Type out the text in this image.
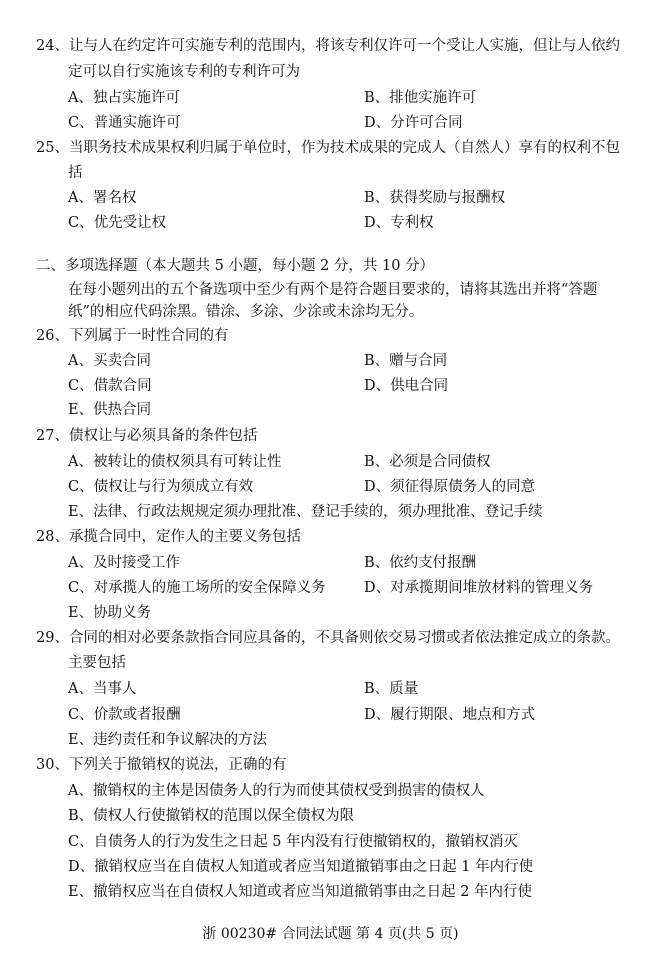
24、让与人在约定许可实施专利的范围内，将该专利仅许可一个受让人实施，但让与人依约
定可以自行实施该专利的专利许可为
A、独占实施许可	B、排他实施许可
C、普通实施许可	D、分许可合同
25、当职务技术成果权利归属于单位时，作为技术成果的完成人（自然人）享有的权利不包
括
A、署名权	B、获得奖励与报酬权
C、优先受让权	D、专利权
二、多项选择题（本大题共 5 小题，每小题 2 分，共 10 分）
在每小题列出的五个备选项中至少有两个是符合题目要求的，请将其选出并将“答题
纸”的相应代码涂黑。错涂、多涂、少涂或未涂均无分。
26、下列属于一时性合同的有
A、买卖合同	B、赠与合同
C、借款合同	D、供电合同
E、供热合同
27、债权让与必须具备的条件包括
A、被转让的债权须具有可转让性	B、必须是合同债权
C、债权让与行为须成立有效	D、须征得原债务人的同意
E、法律、行政法规规定须办理批准、登记手续的，须办理批准、登记手续
28、承揽合同中，定作人的主要义务包括
A、及时接受工作	B、依约支付报酬
C、对承揽人的施工场所的安全保障义务	D、对承揽期间堆放材料的管理义务
E、协助义务
29、合同的相对必要条款指合同应具备的，不具备则依交易习惯或者依法推定成立的条款。
主要包括
A、当事人	B、质量
C、价款或者报酬	D、履行期限、地点和方式
E、违约责任和争议解决的方法
30、下列关于撤销权的说法，正确的有
A、撤销权的主体是因债务人的行为而使其债权受到损害的债权人
B、债权人行使撤销权的范围以保全债权为限
C、自债务人的行为发生之日起 5 年内没有行使撤销权的，撤销权消灭
D、撤销权应当在自债权人知道或者应当知道撤销事由之日起 1 年内行使
E、撤销权应当在自债权人知道或者应当知道撤销事由之日起 2 年内行使
浙 00230# 合同法试题 第 4 页(共 5 页)
